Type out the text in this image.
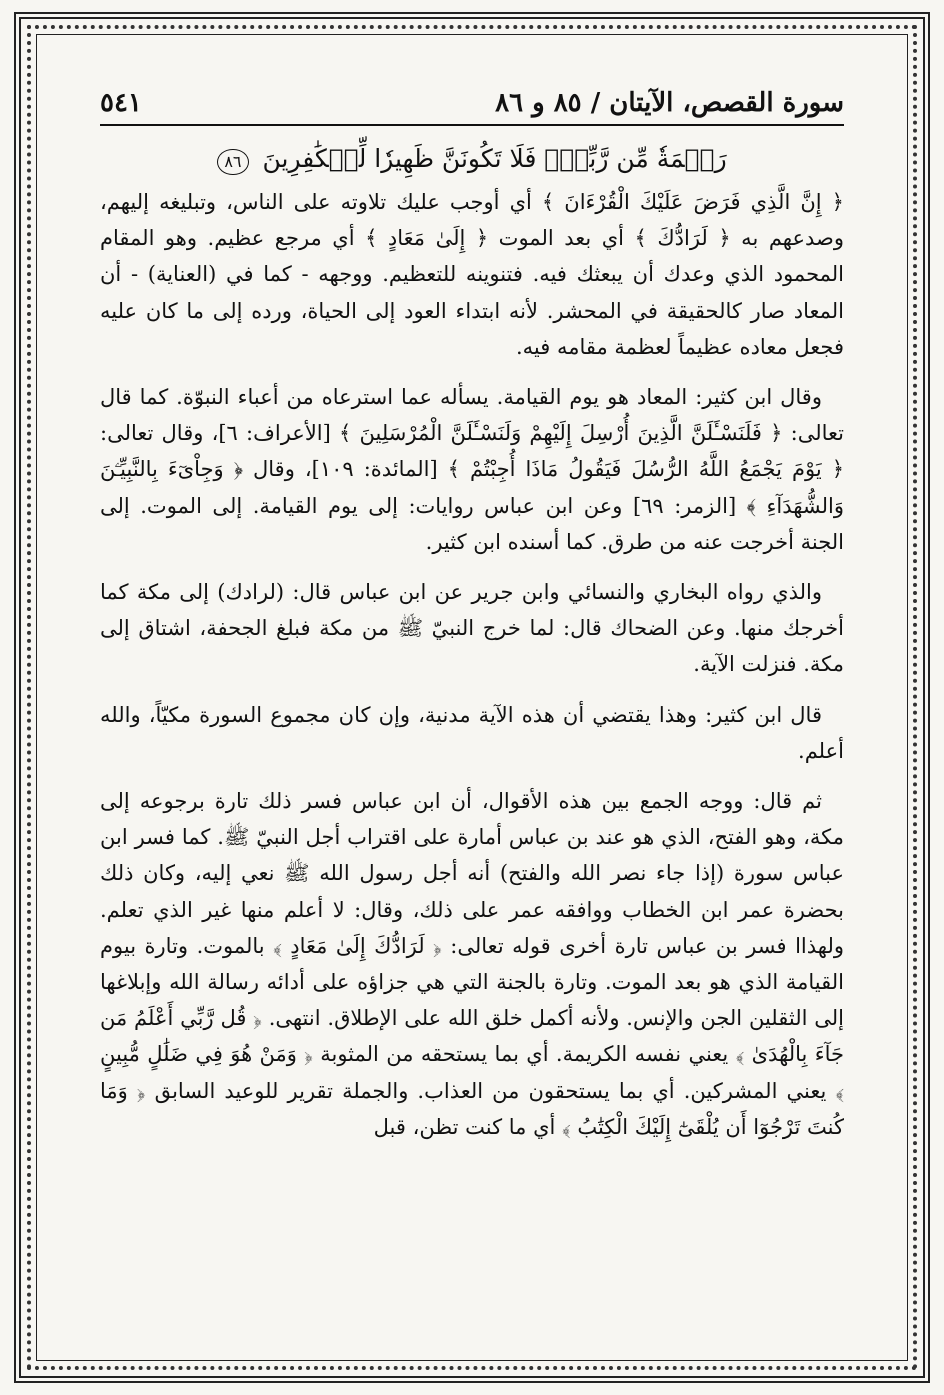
سورة القصص، الآيتان / ٨٥ و ٨٦
٥٤١
رَحۡمَةٗ مِّن رَّبِّكَۖ فَلَا تَكُونَنَّ ظَهِيرٗا لِّلۡكَٰفِرِينَ ٨٦

﴿ إِنَّ الَّذِي فَرَضَ عَلَيْكَ الْقُرْءَانَ ﴾ أي أوجب عليك تلاوته على الناس، وتبليغه إليهم، وصدعهم به ﴿ لَرَادُّكَ ﴾ أي بعد الموت ﴿ إِلَىٰ مَعَادٍ ﴾ أي مرجع عظيم. وهو المقام المحمود الذي وعدك أن يبعثك فيه. فتنوينه للتعظيم. ووجهه - كما في (العناية) - أن المعاد صار كالحقيقة في المحشر. لأنه ابتداء العود إلى الحياة، ورده إلى ما كان عليه فجعل معاده عظيماً لعظمة مقامه فيه.

وقال ابن كثير: المعاد هو يوم القيامة. يسأله عما استرعاه من أعباء النبوّة. كما قال تعالى: ﴿ فَلَنَسْـَٔلَنَّ الَّذِينَ أُرْسِلَ إِلَيْهِمْ وَلَنَسْـَٔلَنَّ الْمُرْسَلِينَ ﴾ [الأعراف: ٦]، وقال تعالى: ﴿ يَوْمَ يَجْمَعُ اللَّهُ الرُّسُلَ فَيَقُولُ مَاذَا أُجِبْتُمْ ﴾ [المائدة: ١٠٩]، وقال ﴿ وَجِاْىٓءَ بِالنَّبِيِّـۧنَ وَالشُّهَدَآءِ ﴾ [الزمر: ٦٩] وعن ابن عباس روايات: إلى يوم القيامة. إلى الموت. إلى الجنة أخرجت عنه من طرق. كما أسنده ابن كثير.

والذي رواه البخاري والنسائي وابن جرير عن ابن عباس قال: (لرادك) إلى مكة كما أخرجك منها. وعن الضحاك قال: لما خرج النبيّ ﷺ من مكة فبلغ الجحفة، اشتاق إلى مكة. فنزلت الآية.

قال ابن كثير: وهذا يقتضي أن هذه الآية مدنية، وإن كان مجموع السورة مكيّاً، والله أعلم.

ثم قال: ووجه الجمع بين هذه الأقوال، أن ابن عباس فسر ذلك تارة برجوعه إلى مكة، وهو الفتح، الذي هو عند بن عباس أمارة على اقتراب أجل النبيّ ﷺ. كما فسر ابن عباس سورة (إذا جاء نصر الله والفتح) أنه أجل رسول الله ﷺ نعي إليه، وكان ذلك بحضرة عمر ابن الخطاب ووافقه عمر على ذلك، وقال: لا أعلم منها غير الذي تعلم. ولهذاا فسر بن عباس تارة أخرى قوله تعالى: ﴿ لَرَادُّكَ إِلَىٰ مَعَادٍ ﴾ بالموت. وتارة بيوم القيامة الذي هو بعد الموت. وتارة بالجنة التي هي جزاؤه على أدائه رسالة الله وإبلاغها إلى الثقلين الجن والإنس. ولأنه أكمل خلق الله على الإطلاق. انتهى. ﴿ قُل رَّبِّي أَعْلَمُ مَن جَآءَ بِالْهُدَىٰ ﴾ يعني نفسه الكريمة. أي بما يستحقه من المثوبة ﴿ وَمَنْ هُوَ فِي ضَلَٰلٍ مُّبِينٍ ﴾ يعني المشركين. أي بما يستحقون من العذاب. والجملة تقرير للوعيد السابق ﴿ وَمَا كُنتَ تَرْجُوٓا أَن يُلْقَىٰٓ إِلَيْكَ الْكِتَٰبُ ﴾ أي ما كنت تظن، قبل
